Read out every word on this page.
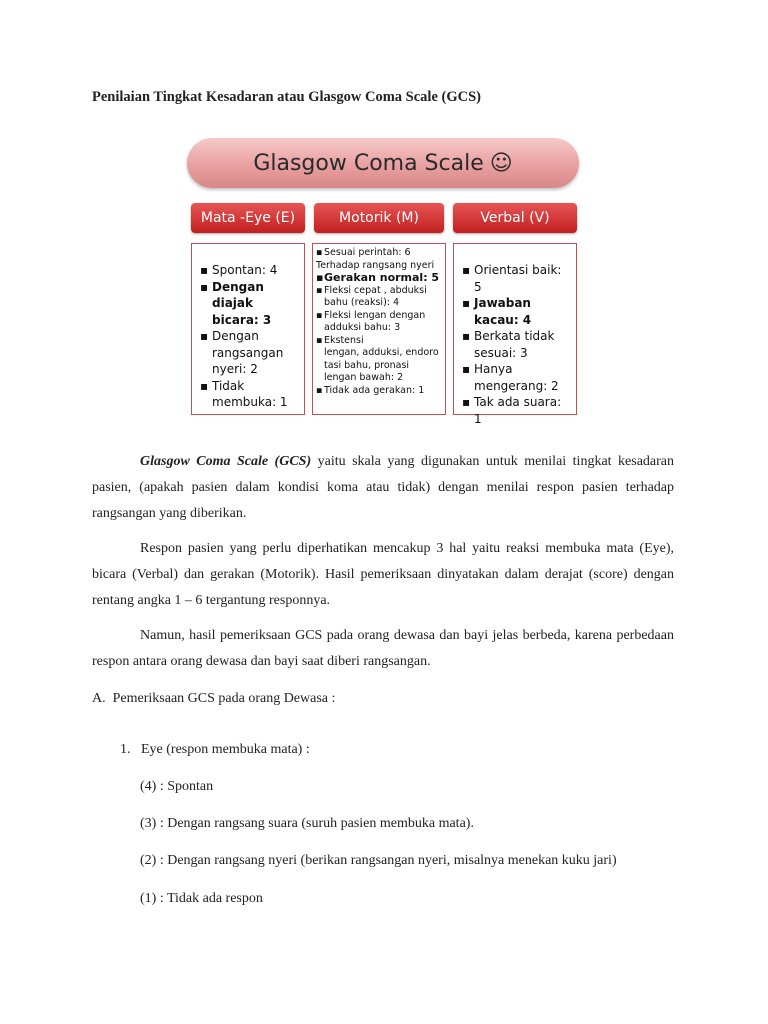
Penilaian Tingkat Kesadaran atau Glasgow Coma Scale (GCS)
Glasgow Coma Scale ☺
Mata -Eye (E)	Motorik (M)	Verbal (V)
▪ Spontan: 4
▪ Dengan diajak bicara: 3
▪ Dengan rangsangan nyeri: 2
▪ Tidak membuka: 1
▪ Sesuai perintah: 6
Terhadap rangsang nyeri
▪ Gerakan normal: 5
▪ Fleksi cepat , abduksi bahu (reaksi): 4
▪ Fleksi lengan dengan adduksi bahu: 3
▪ Ekstensi
lengan, adduksi, endoro tasi bahu, pronasi lengan bawah: 2
▪ Tidak ada gerakan: 1
▪ Orientasi baik: 5
▪ Jawaban kacau: 4
▪ Berkata tidak sesuai: 3
▪ Hanya mengerang: 2
▪ Tak ada suara: 1
Glasgow Coma Scale (GCS) yaitu skala yang digunakan untuk menilai tingkat kesadaran pasien, (apakah pasien dalam kondisi koma atau tidak) dengan menilai respon pasien terhadap rangsangan yang diberikan.
Respon pasien yang perlu diperhatikan mencakup 3 hal yaitu reaksi membuka mata (Eye), bicara (Verbal) dan gerakan (Motorik). Hasil pemeriksaan dinyatakan dalam derajat (score) dengan rentang angka 1 – 6 tergantung responnya.
Namun, hasil pemeriksaan GCS pada orang dewasa dan bayi jelas berbeda, karena perbedaan respon antara orang dewasa dan bayi saat diberi rangsangan.
A. Pemeriksaan GCS pada orang Dewasa :
1. Eye (respon membuka mata) :
(4) : Spontan
(3) : Dengan rangsang suara (suruh pasien membuka mata).
(2) : Dengan rangsang nyeri (berikan rangsangan nyeri, misalnya menekan kuku jari)
(1) : Tidak ada respon
